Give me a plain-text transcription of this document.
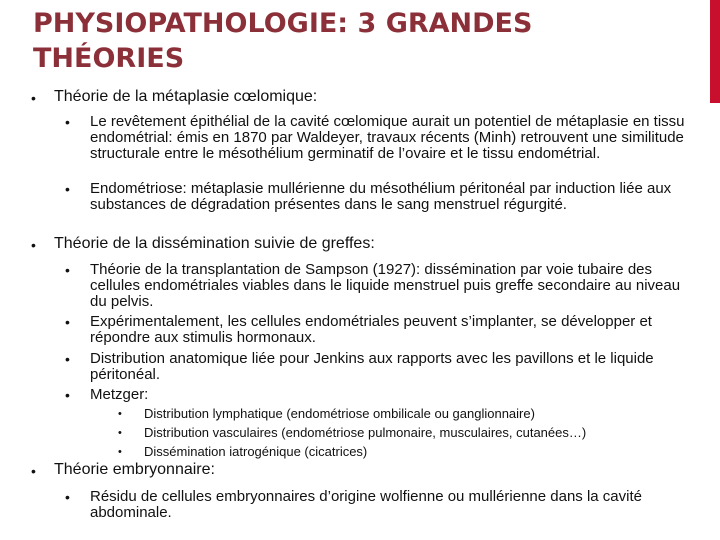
PHYSIOPATHOLOGIE: 3 GRANDES THÉORIES
• Théorie de la métaplasie cœlomique:
• Le revêtement épithélial de la cavité cœlomique aurait un potentiel de métaplasie en tissu endométrial: émis en 1870 par Waldeyer, travaux récents (Minh) retrouvent une similitude structurale entre le mésothélium germinatif de l’ovaire et le tissu endométrial.
• Endométriose: métaplasie mullérienne du mésothélium péritonéal par induction liée aux substances de dégradation présentes dans le sang menstruel régurgité.
• Théorie de la dissémination suivie de greffes:
• Théorie de la transplantation de Sampson (1927): dissémination par voie tubaire des cellules endométriales viables dans le liquide menstruel puis greffe secondaire au niveau du pelvis.
• Expérimentalement, les cellules endométriales peuvent s’implanter, se développer et répondre aux stimulis hormonaux.
• Distribution anatomique liée pour Jenkins aux rapports avec les pavillons et le liquide péritonéal.
• Metzger:
• Distribution lymphatique (endométriose ombilicale ou ganglionnaire)
• Distribution vasculaires (endométriose pulmonaire, musculaires, cutanées…)
• Dissémination iatrogénique (cicatrices)
• Théorie embryonnaire:
• Résidu de cellules embryonnaires d’origine wolfienne ou mullérienne dans la cavité abdominale.
